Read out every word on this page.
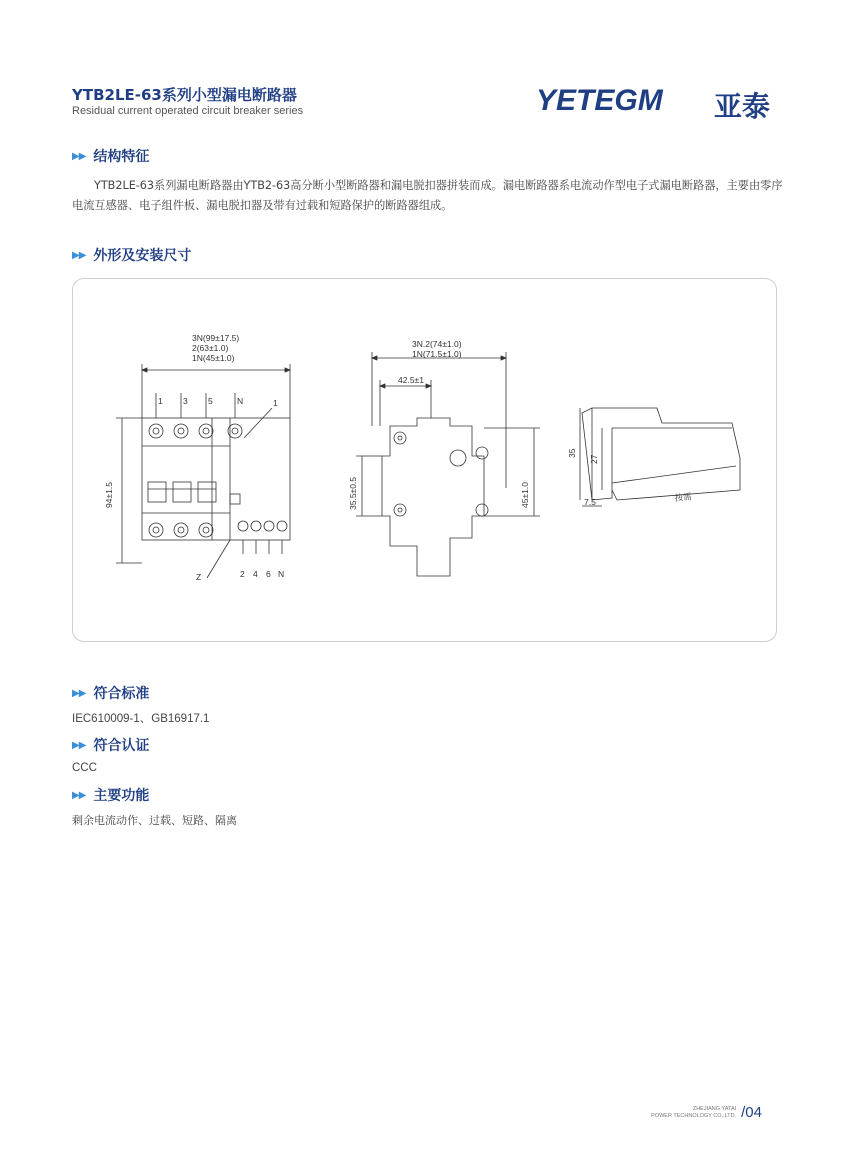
YTB2LE-63系列小型漏电断路器
Residual current operated circuit breaker series	YETEGM 亚泰
▶▶ 结构特征
YTB2LE-63系列漏电断路器由YTB2-63高分断小型断路器和漏电脱扣器拼装而成。漏电断路器系电流动作型电子式漏电断路器，主要由零序电流互感器、电子组件板、漏电脱扣器及带有过载和短路保护的断路器组成。
▶▶ 外形及安装尺寸
3N(99±17.5)
2(63±1.0)
1N(45±1.0)
1 3 5	N	1
94±1.5
2 4 6 N
Z
3N.2(74±1.0)
1N(71.5±1.0)
42.5±1
35.5±0.5	45±1.0
35
27
7.5	按需
▶▶ 符合标准
IEC610009-1、GB16917.1
▶▶ 符合认证
CCC
▶▶ 主要功能
剩余电流动作、过载、短路、隔离
ZHEJIANG YATAI
POWER TECHNOLOGY CO.,LTD. /04
